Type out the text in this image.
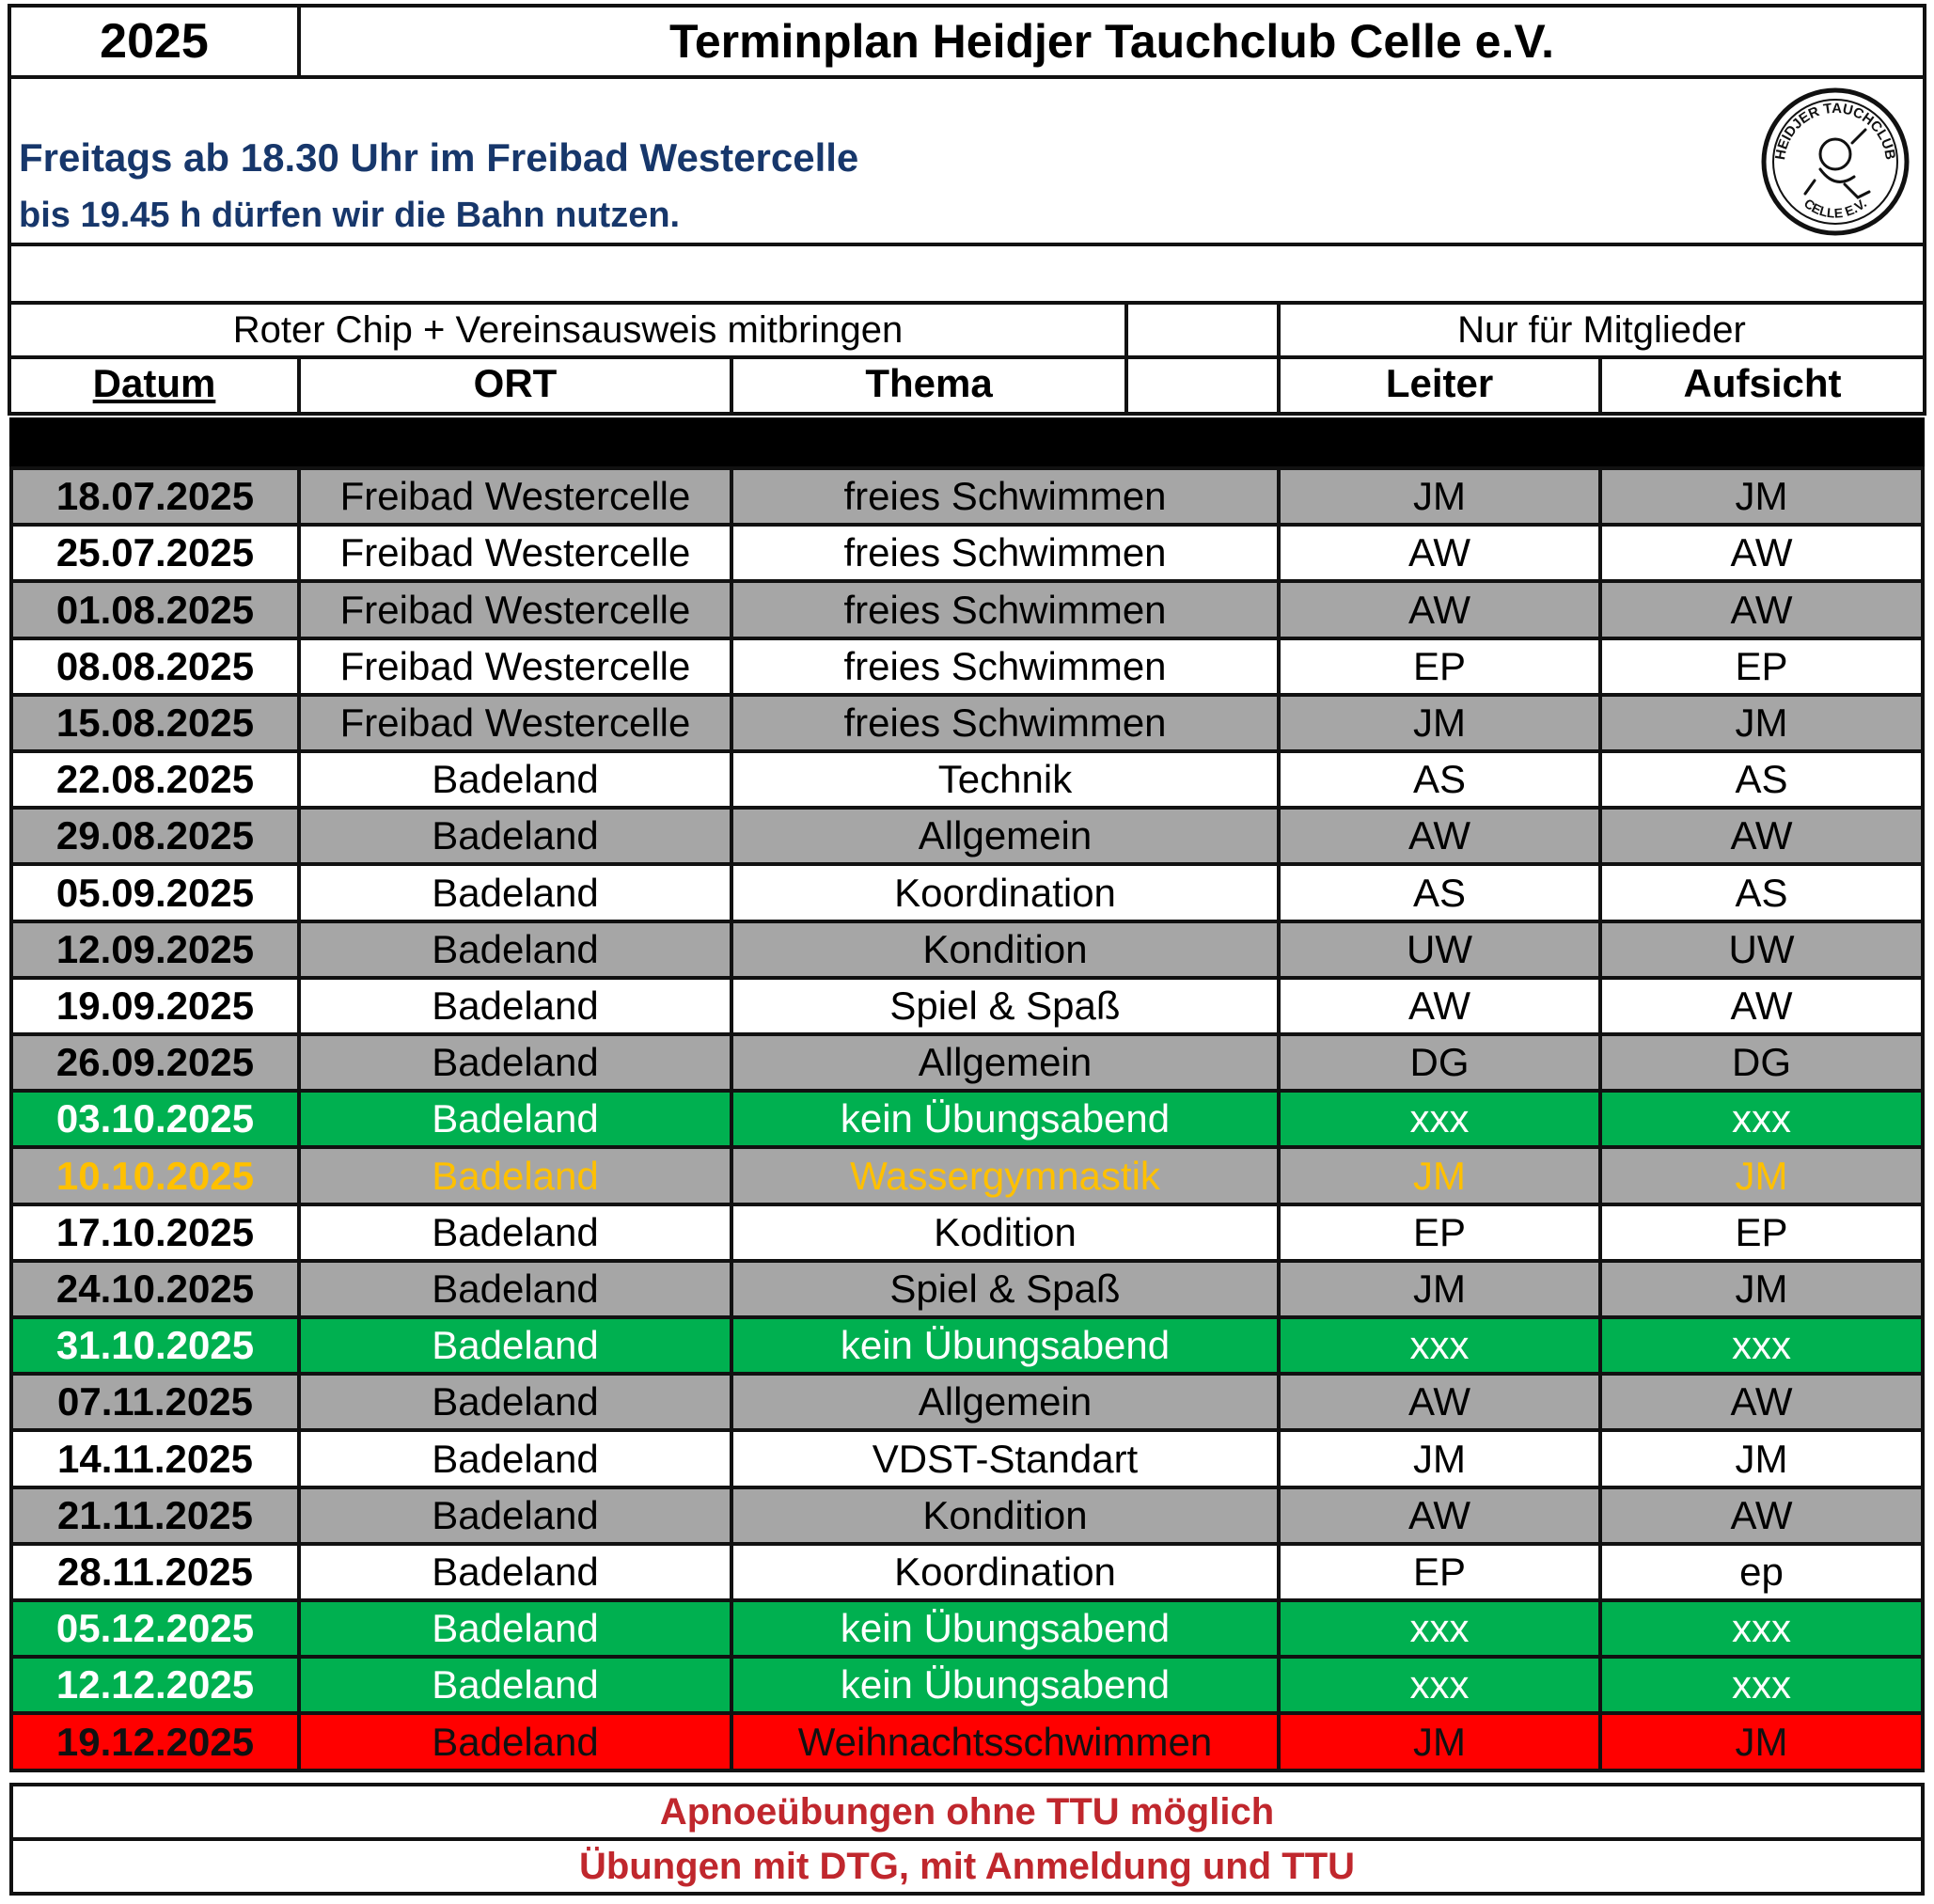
2025	Terminplan Heidjer Tauchclub Celle e.V.
Freitags ab 18.30 Uhr im Freibad Westercelle
bis 19.45 h dürfen wir die Bahn nutzen.
HEIDJER TAUCHCLUB
CELLE E.V.
Roter Chip + Vereinsausweis mitbringen	Nur für Mitglieder
Datum	ORT	Thema	Leiter	Aufsicht
18.07.2025 Freibad Westercelle	freies Schwimmen	JM	JM
25.07.2025 Freibad Westercelle	freies Schwimmen	AW	AW
01.08.2025 Freibad Westercelle	freies Schwimmen	AW	AW
08.08.2025 Freibad Westercelle	freies Schwimmen	EP	EP
15.08.2025 Freibad Westercelle	freies Schwimmen	JM	JM
22.08.2025	Badeland	Technik	AS	AS
29.08.2025	Badeland	Allgemein	AW	AW
05.09.2025	Badeland	Koordination	AS	AS
12.09.2025	Badeland	Kondition	UW	UW
19.09.2025	Badeland	Spiel & Spaß	AW	AW
26.09.2025	Badeland	Allgemein	DG	DG
03.10.2025	Badeland	kein Übungsabend	xxx	xxx
10.10.2025	Badeland	Wassergymnastik	JM	JM
17.10.2025	Badeland	Kodition	EP	EP
24.10.2025	Badeland	Spiel & Spaß	JM	JM
31.10.2025	Badeland	kein Übungsabend	xxx	xxx
07.11.2025	Badeland	Allgemein	AW	AW
14.11.2025	Badeland	VDST-Standart	JM	JM
21.11.2025	Badeland	Kondition	AW	AW
28.11.2025	Badeland	Koordination	EP	ep
05.12.2025	Badeland	kein Übungsabend	xxx	xxx
12.12.2025	Badeland	kein Übungsabend	xxx	xxx
19.12.2025	Badeland	Weihnachtsschwimmen	JM	JM
Apnoeübungen ohne TTU möglich
Übungen mit DTG, mit Anmeldung und TTU
